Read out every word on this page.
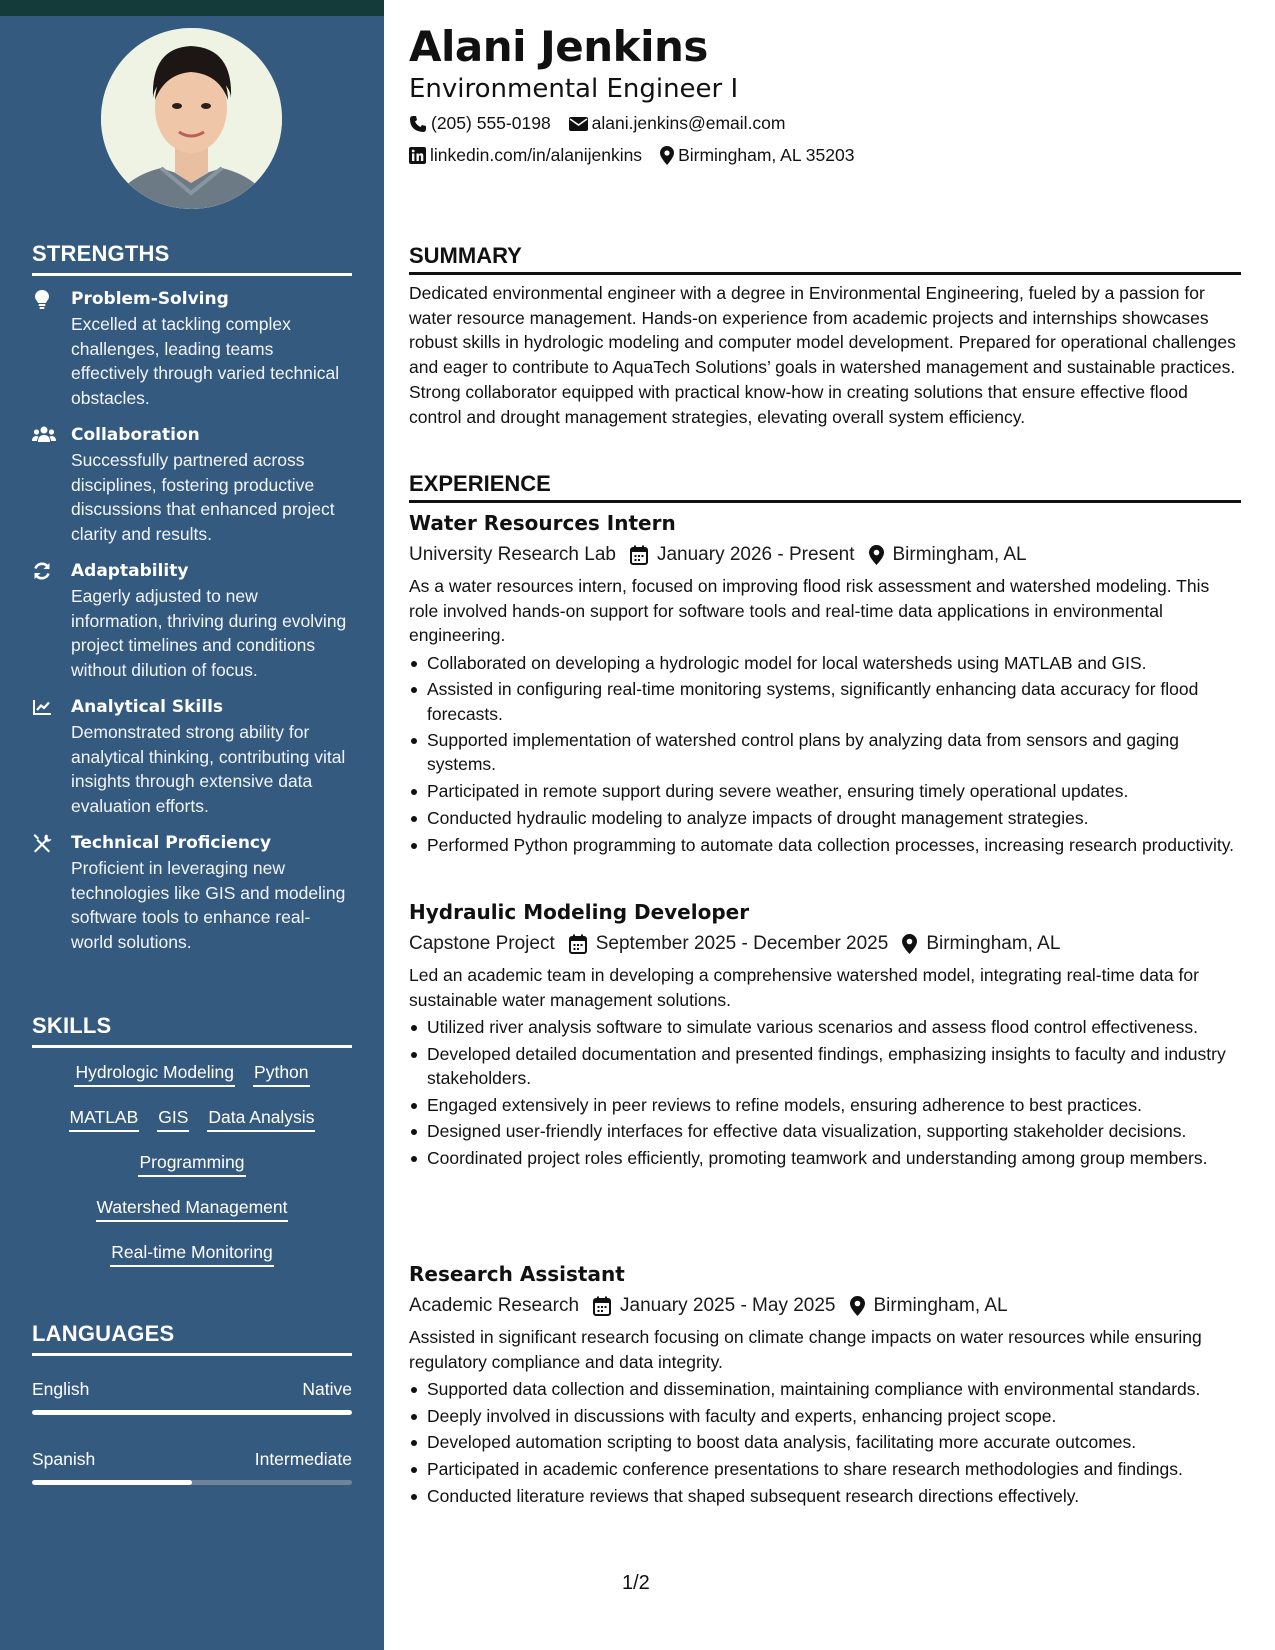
STRENGTHS
Problem-Solving
Excelled at tackling complex challenges, leading teams effectively through varied technical obstacles.
Collaboration
Successfully partnered across disciplines, fostering productive discussions that enhanced project clarity and results.
Adaptability
Eagerly adjusted to new information, thriving during evolving project timelines and conditions without dilution of focus.
Analytical Skills
Demonstrated strong ability for analytical thinking, contributing vital insights through extensive data evaluation efforts.
Technical Proficiency
Proficient in leveraging new technologies like GIS and modeling software tools to enhance real-world solutions.
SKILLS
Hydrologic Modeling Python
MATLAB GIS Data Analysis
Programming
Watershed Management
Real-time Monitoring
LANGUAGES
English	Native
Spanish	Intermediate
Alani Jenkins
Environmental Engineer I
(205) 555-0198 alani.jenkins@email.com
linkedin.com/in/alanijenkins Birmingham, AL 35203
SUMMARY
Dedicated environmental engineer with a degree in Environmental Engineering, fueled by a passion for water resource management. Hands-on experience from academic projects and internships showcases robust skills in hydrologic modeling and computer model development. Prepared for operational challenges and eager to contribute to AquaTech Solutions’ goals in watershed management and sustainable practices. Strong collaborator equipped with practical know-how in creating solutions that ensure effective flood control and drought management strategies, elevating overall system efficiency.
EXPERIENCE
Water Resources Intern
University Research Lab January 2026 - Present Birmingham, AL
As a water resources intern, focused on improving flood risk assessment and watershed modeling. This role involved hands-on support for software tools and real-time data applications in environmental engineering.
Collaborated on developing a hydrologic model for local watersheds using MATLAB and GIS.
Assisted in configuring real-time monitoring systems, significantly enhancing data accuracy for flood forecasts.
Supported implementation of watershed control plans by analyzing data from sensors and gaging systems.
Participated in remote support during severe weather, ensuring timely operational updates.
Conducted hydraulic modeling to analyze impacts of drought management strategies.
Performed Python programming to automate data collection processes, increasing research productivity.
Hydraulic Modeling Developer
Capstone Project September 2025 - December 2025 Birmingham, AL
Led an academic team in developing a comprehensive watershed model, integrating real-time data for sustainable water management solutions.
Utilized river analysis software to simulate various scenarios and assess flood control effectiveness.
Developed detailed documentation and presented findings, emphasizing insights to faculty and industry stakeholders.
Engaged extensively in peer reviews to refine models, ensuring adherence to best practices.
Designed user-friendly interfaces for effective data visualization, supporting stakeholder decisions.
Coordinated project roles efficiently, promoting teamwork and understanding among group members.
Research Assistant
Academic Research January 2025 - May 2025 Birmingham, AL
Assisted in significant research focusing on climate change impacts on water resources while ensuring regulatory compliance and data integrity.
Supported data collection and dissemination, maintaining compliance with environmental standards.
Deeply involved in discussions with faculty and experts, enhancing project scope.
Developed automation scripting to boost data analysis, facilitating more accurate outcomes.
Participated in academic conference presentations to share research methodologies and findings.
Conducted literature reviews that shaped subsequent research directions effectively.
1/2
